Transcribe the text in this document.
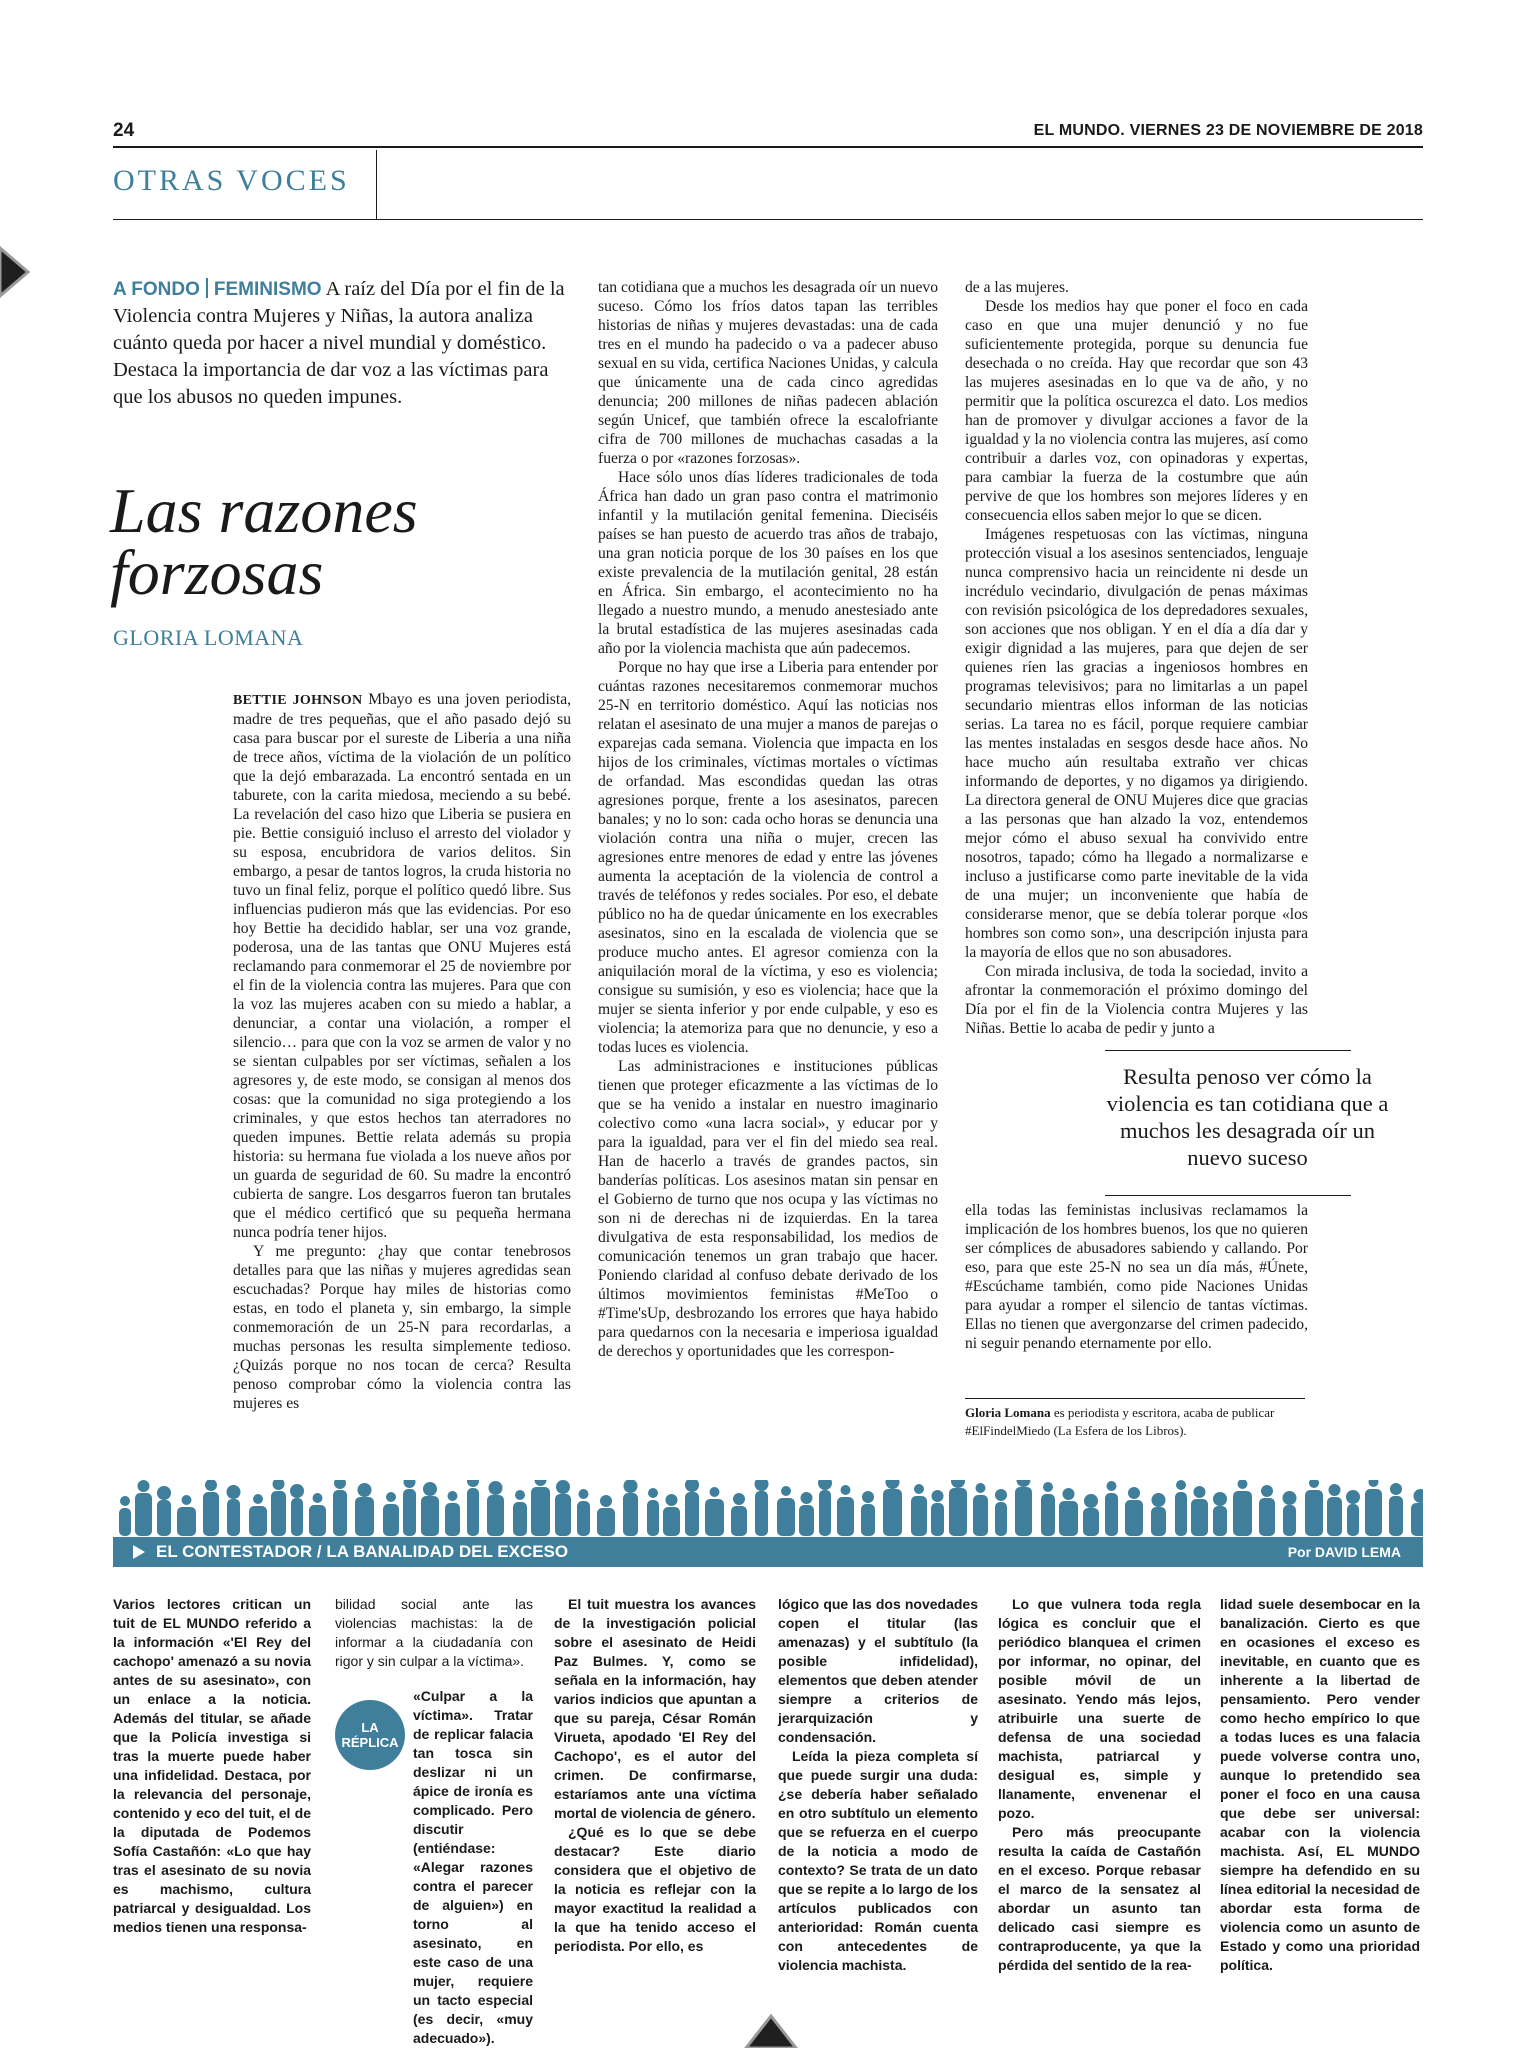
24	EL MUNDO. VIERNES 23 DE NOVIEMBRE DE 2018
OTRAS VOCES
A FONDO FEMINISMO A raíz del Día por el fin de la Violencia contra Mujeres y Niñas, la autora analiza cuánto queda por hacer a nivel mundial y doméstico. Destaca la importancia de dar voz a las víctimas para que los abusos no queden impunes.
Las razones
forzosas
GLORIA LOMANA

BETTIE JOHNSON Mbayo es una joven periodista, madre de tres pequeñas, que el año pasado dejó su casa para buscar por el sureste de Liberia a una niña de trece años, víctima de la violación de un político que la dejó embarazada. La encontró sentada en un taburete, con la carita miedosa, meciendo a su bebé. La revelación del caso hizo que Liberia se pusiera en pie. Bettie consiguió incluso el arresto del violador y su esposa, encubridora de varios delitos. Sin embargo, a pesar de tantos logros, la cruda historia no tuvo un final feliz, porque el político quedó libre. Sus influencias pudieron más que las evidencias. Por eso hoy Bettie ha decidido hablar, ser una voz grande, poderosa, una de las tantas que ONU Mujeres está reclamando para conmemorar el 25 de noviembre por el fin de la violencia contra las mujeres. Para que con la voz las mujeres acaben con su miedo a hablar, a denunciar, a contar una violación, a romper el silencio… para que con la voz se armen de valor y no se sientan culpables por ser víctimas, señalen a los agresores y, de este modo, se consigan al menos dos cosas: que la comunidad no siga protegiendo a los criminales, y que estos hechos tan aterradores no queden impunes. Bettie relata además su propia historia: su hermana fue violada a los nueve años por un guarda de seguridad de 60. Su madre la encontró cubierta de sangre. Los desgarros fueron tan brutales que el médico certificó que su pequeña hermana nunca podría tener hijos.

Y me pregunto: ¿hay que contar tenebrosos detalles para que las niñas y mujeres agredidas sean escuchadas? Porque hay miles de historias como estas, en todo el planeta y, sin embargo, la simple conmemoración de un 25-N para recordarlas, a muchas personas les resulta simplemente tedioso. ¿Quizás porque no nos tocan de cerca? Resulta penoso comprobar cómo la violencia contra las mujeres es

tan cotidiana que a muchos les desagrada oír un nuevo suceso. Cómo los fríos datos tapan las terribles historias de niñas y mujeres devastadas: una de cada tres en el mundo ha padecido o va a padecer abuso sexual en su vida, certifica Naciones Unidas, y calcula que únicamente una de cada cinco agredidas denuncia; 200 millones de niñas padecen ablación según Unicef, que también ofrece la escalofriante cifra de 700 millones de muchachas casadas a la fuerza o por «razones forzosas».

Hace sólo unos días líderes tradicionales de toda África han dado un gran paso contra el matrimonio infantil y la mutilación genital femenina. Dieciséis países se han puesto de acuerdo tras años de trabajo, una gran noticia porque de los 30 países en los que existe prevalencia de la mutilación genital, 28 están en África. Sin embargo, el acontecimiento no ha llegado a nuestro mundo, a menudo anestesiado ante la brutal estadística de las mujeres asesinadas cada año por la violencia machista que aún padecemos.

Porque no hay que irse a Liberia para entender por cuántas razones necesitaremos conmemorar muchos 25-N en territorio doméstico. Aquí las noticias nos relatan el asesinato de una mujer a manos de parejas o exparejas cada semana. Violencia que impacta en los hijos de los criminales, víctimas mortales o víctimas de orfandad. Mas escondidas quedan las otras agresiones porque, frente a los asesinatos, parecen banales; y no lo son: cada ocho horas se denuncia una violación contra una niña o mujer, crecen las agresiones entre menores de edad y entre las jóvenes aumenta la aceptación de la violencia de control a través de teléfonos y redes sociales. Por eso, el debate público no ha de quedar únicamente en los execrables asesinatos, sino en la escalada de violencia que se produce mucho antes. El agresor comienza con la aniquilación moral de la víctima, y eso es violencia; consigue su sumisión, y eso es violencia; hace que la mujer se sienta inferior y por ende culpable, y eso es violencia; la atemoriza para que no denuncie, y eso a todas luces es violencia.

Las administraciones e instituciones públicas tienen que proteger eficazmente a las víctimas de lo que se ha venido a instalar en nuestro imaginario colectivo como «una lacra social», y educar por y para la igualdad, para ver el fin del miedo sea real. Han de hacerlo a través de grandes pactos, sin banderías políticas. Los asesinos matan sin pensar en el Gobierno de turno que nos ocupa y las víctimas no son ni de derechas ni de izquierdas. En la tarea divulgativa de esta responsabilidad, los medios de comunicación tenemos un gran trabajo que hacer. Poniendo claridad al confuso debate derivado de los últimos movimientos feministas #MeToo o #Time'sUp, desbrozando los errores que haya habido para quedarnos con la necesaria e imperiosa igualdad de derechos y oportunidades que les correspon-

de a las mujeres.

Desde los medios hay que poner el foco en cada caso en que una mujer denunció y no fue suficientemente protegida, porque su denuncia fue desechada o no creída. Hay que recordar que son 43 las mujeres asesinadas en lo que va de año, y no permitir que la política oscurezca el dato. Los medios han de promover y divulgar acciones a favor de la igualdad y la no violencia contra las mujeres, así como contribuir a darles voz, con opinadoras y expertas, para cambiar la fuerza de la costumbre que aún pervive de que los hombres son mejores líderes y en consecuencia ellos saben mejor lo que se dicen.

Imágenes respetuosas con las víctimas, ninguna protección visual a los asesinos sentenciados, lenguaje nunca comprensivo hacia un reincidente ni desde un incrédulo vecindario, divulgación de penas máximas con revisión psicológica de los depredadores sexuales, son acciones que nos obligan. Y en el día a día dar y exigir dignidad a las mujeres, para que dejen de ser quienes ríen las gracias a ingeniosos hombres en programas televisivos; para no limitarlas a un papel secundario mientras ellos informan de las noticias serias. La tarea no es fácil, porque requiere cambiar las mentes instaladas en sesgos desde hace años. No hace mucho aún resultaba extraño ver chicas informando de deportes, y no digamos ya dirigiendo. La directora general de ONU Mujeres dice que gracias a las personas que han alzado la voz, entendemos mejor cómo el abuso sexual ha convivido entre nosotros, tapado; cómo ha llegado a normalizarse e incluso a justificarse como parte inevitable de la vida de una mujer; un inconveniente que había de considerarse menor, que se debía tolerar porque «los hombres son como son», una descripción injusta para la mayoría de ellos que no son abusadores.

Con mirada inclusiva, de toda la sociedad, invito a afrontar la conmemoración el próximo domingo del Día por el fin de la Violencia contra Mujeres y las Niñas. Bettie lo acaba de pedir y junto a

ella todas las feministas inclusivas reclamamos la implicación de los hombres buenos, los que no quieren ser cómplices de abusadores sabiendo y callando. Por eso, para que este 25-N no sea un día más, #Únete, #Escúchame también, como pide Naciones Unidas para ayudar a romper el silencio de tantas víctimas. Ellas no tienen que avergonzarse del crimen padecido, ni seguir penando eternamente por ello.

Resulta penoso ver cómo la violencia es tan cotidiana que a muchos les desagrada oír un nuevo suceso
Gloria Lomana es periodista y escritora, acaba de publicar #ElFindelMiedo (La Esfera de los Libros).
EL CONTESTADOR / LA BANALIDAD DEL EXCESO	Por DAVID LEMA

Varios lectores critican un tuit de EL MUNDO referido a la información «'El Rey del cachopo' amenazó a su novia antes de su asesinato», con un enlace a la noticia. Además del titular, se añade que la Policía investiga si tras la muerte puede haber una infidelidad. Destaca, por la relevancia del personaje, contenido y eco del tuit, el de la diputada de Podemos Sofía Castañón: «Lo que hay tras el asesinato de su novia es machismo, cultura patriarcal y desigualdad. Los medios tienen una responsa-

bilidad social ante las violencias machistas: la de informar a la ciudadanía con rigor y sin culpar a la víctima».

«Culpar a la víctima». Tratar de replicar falacia tan tosca sin deslizar ni un ápice de ironía es complicado. Pero discutir (entiéndase: «Alegar razones contra el parecer de alguien») en torno al asesinato, en este caso de una mujer, requiere un tacto especial (es decir, «muy adecuado»).

LA
RÉPLICA

El tuit muestra los avances de la investigación policial sobre el asesinato de Heidi Paz Bulmes. Y, como se señala en la información, hay varios indicios que apuntan a que su pareja, César Román Virueta, apodado 'El Rey del Cachopo', es el autor del crimen. De confirmarse, estaríamos ante una víctima mortal de violencia de género.

¿Qué es lo que se debe destacar? Este diario considera que el objetivo de la noticia es reflejar con la mayor exactitud la realidad a la que ha tenido acceso el periodista. Por ello, es

lógico que las dos novedades copen el titular (las amenazas) y el subtítulo (la posible infidelidad), elementos que deben atender siempre a criterios de jerarquización y condensación.

Leída la pieza completa sí que puede surgir una duda: ¿se debería haber señalado en otro subtítulo un elemento que se refuerza en el cuerpo de la noticia a modo de contexto? Se trata de un dato que se repite a lo largo de los artículos publicados con anterioridad: Román cuenta con antecedentes de violencia machista.

Lo que vulnera toda regla lógica es concluir que el periódico blanquea el crimen por informar, no opinar, del posible móvil de un asesinato. Yendo más lejos, atribuirle una suerte de defensa de una sociedad machista, patriarcal y desigual es, simple y llanamente, envenenar el pozo.

Pero más preocupante resulta la caída de Castañón en el exceso. Porque rebasar el marco de la sensatez al abordar un asunto tan delicado casi siempre es contraproducente, ya que la pérdida del sentido de la rea-

lidad suele desembocar en la banalización. Cierto es que en ocasiones el exceso es inevitable, en cuanto que es inherente a la libertad de pensamiento. Pero vender como hecho empírico lo que a todas luces es una falacia puede volverse contra uno, aunque lo pretendido sea poner el foco en una causa que debe ser universal: acabar con la violencia machista. Así, EL MUNDO siempre ha defendido en su línea editorial la necesidad de abordar esta forma de violencia como un asunto de Estado y como una prioridad política.
